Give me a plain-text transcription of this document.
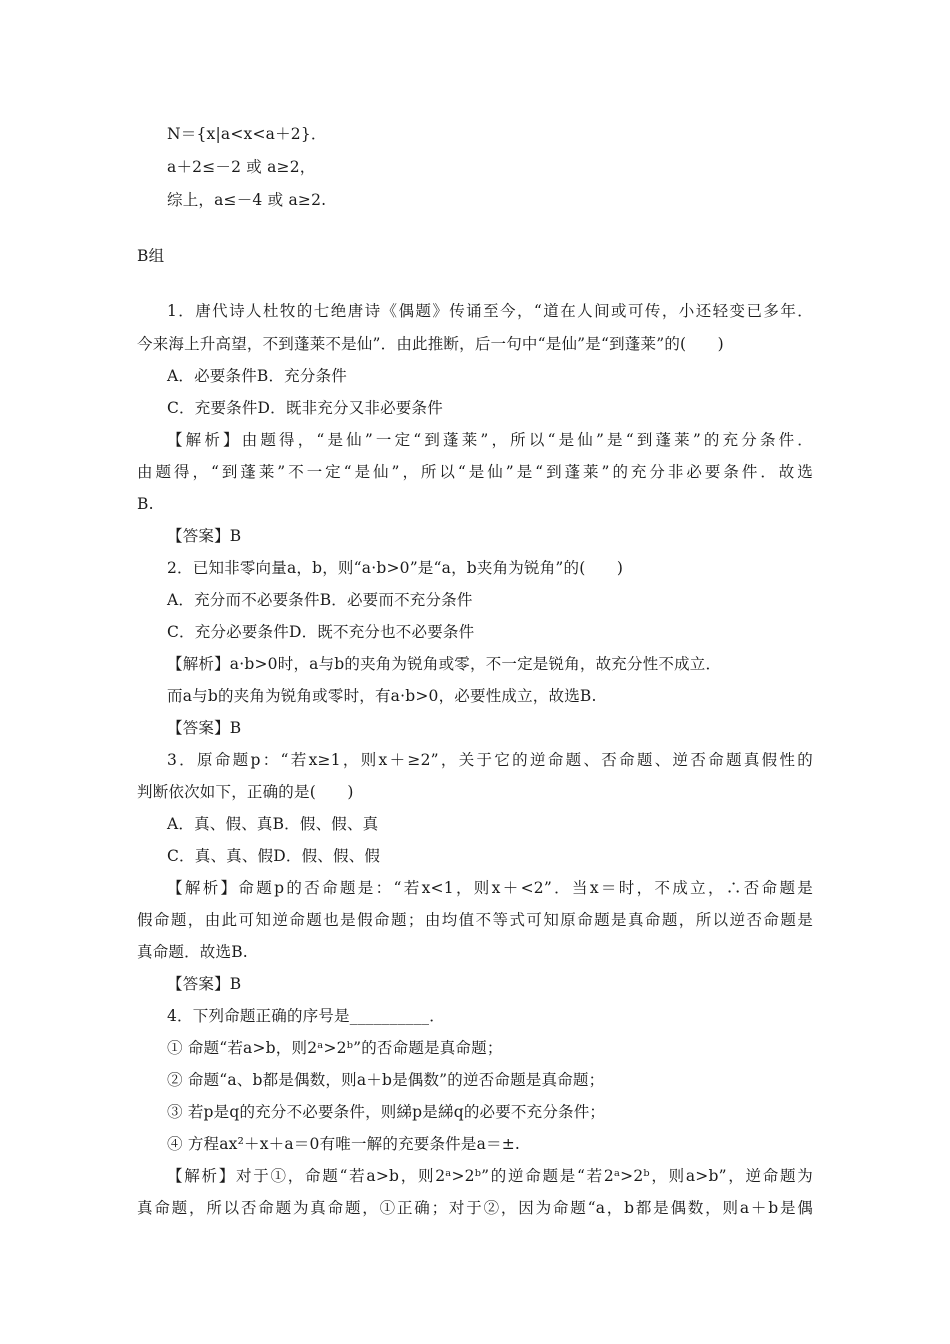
N＝{x|a<x<a＋2}．
a＋2≤－2 或 a≥2，
综上，a≤－4 或 a≥2.
B组
1．唐代诗人杜牧的七绝唐诗《偶题》传诵至今，“道在人间或可传，小还轻变已多年．
今来海上升高望，不到蓬莱不是仙”．由此推断，后一句中“是仙”是“到蓬莱”的(　　)
A．必要条件B．充分条件
C．充要条件D．既非充分又非必要条件
【解析】由题得，“是仙”一定“到蓬莱”，所以“是仙”是“到蓬莱”的充分条件．
由题得，“到蓬莱”不一定“是仙”，所以“是仙”是“到蓬莱”的充分非必要条件．故选
B.
【答案】B
2．已知非零向量a，b，则“a·b>0”是“a，b夹角为锐角”的(　　)
A．充分而不必要条件B．必要而不充分条件
C．充分必要条件D．既不充分也不必要条件
【解析】a·b>0时，a与b的夹角为锐角或零，不一定是锐角，故充分性不成立．
而a与b的夹角为锐角或零时，有a·b>0，必要性成立，故选B.
【答案】B
3．原命题p：“若x≥1，则x＋≥2”，关于它的逆命题、否命题、逆否命题真假性的
判断依次如下，正确的是(　　)
A．真、假、真B．假、假、真
C．真、真、假D．假、假、假
【解析】命题p的否命题是：“若x<1，则x＋<2”．当x＝时，不成立，∴否命题是
假命题，由此可知逆命题也是假命题；由均值不等式可知原命题是真命题，所以逆否命题是
真命题．故选B.
【答案】B
4．下列命题正确的序号是__________．
① 命题“若a>b，则2ᵃ>2ᵇ”的否命题是真命题；
② 命题“a、b都是偶数，则a＋b是偶数”的逆否命题是真命题；
③ 若p是q的充分不必要条件，则綈p是綈q的必要不充分条件；
④ 方程ax²＋x＋a＝0有唯一解的充要条件是a＝±.
【解析】对于①，命题“若a>b，则2ᵃ>2ᵇ”的逆命题是“若2ᵃ>2ᵇ，则a>b”，逆命题为
真命题，所以否命题为真命题，①正确；对于②，因为命题“a，b都是偶数，则a＋b是偶
